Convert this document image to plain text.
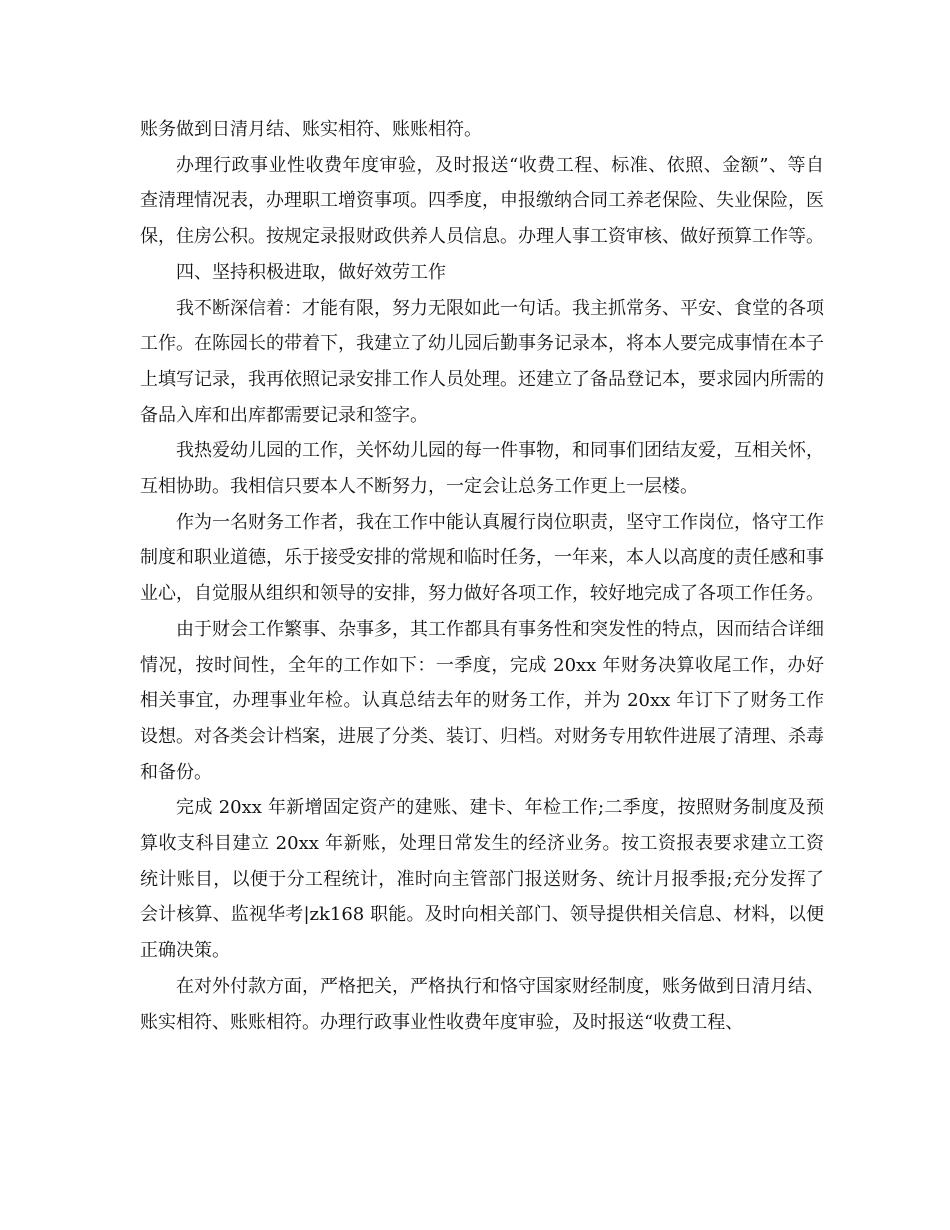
账务做到日清月结、账实相符、账账相符。

办理行政事业性收费年度审验，及时报送“收费工程、标准、依照、金额”、等自查清理情况表，办理职工增资事项。四季度，申报缴纳合同工养老保险、失业保险，医保，住房公积。按规定录报财政供养人员信息。办理人事工资审核、做好预算工作等。

四、坚持积极进取，做好效劳工作

我不断深信着：才能有限，努力无限如此一句话。我主抓常务、平安、食堂的各项工作。在陈园长的带着下，我建立了幼儿园后勤事务记录本，将本人要完成事情在本子上填写记录，我再依照记录安排工作人员处理。还建立了备品登记本，要求园内所需的备品入库和出库都需要记录和签字。

我热爱幼儿园的工作，关怀幼儿园的每一件事物，和同事们团结友爱，互相关怀，互相协助。我相信只要本人不断努力，一定会让总务工作更上一层楼。

作为一名财务工作者，我在工作中能认真履行岗位职责，坚守工作岗位，恪守工作制度和职业道德，乐于接受安排的常规和临时任务，一年来，本人以高度的责任感和事业心，自觉服从组织和领导的安排，努力做好各项工作，较好地完成了各项工作任务。

由于财会工作繁事、杂事多，其工作都具有事务性和突发性的特点，因而结合详细情况，按时间性，全年的工作如下：一季度，完成 20xx 年财务决算收尾工作，办好相关事宜，办理事业年检。认真总结去年的财务工作，并为 20xx 年订下了财务工作设想。对各类会计档案，进展了分类、装订、归档。对财务专用软件进展了清理、杀毒和备份。

完成 20xx 年新增固定资产的建账、建卡、年检工作;二季度，按照财务制度及预算收支科目建立 20xx 年新账，处理日常发生的经济业务。按工资报表要求建立工资统计账目，以便于分工程统计，准时向主管部门报送财务、统计月报季报;充分发挥了会计核算、监视华考|zk168 职能。及时向相关部门、领导提供相关信息、材料，以便正确决策。

在对外付款方面，严格把关，严格执行和恪守国家财经制度，账务做到日清月结、账实相符、账账相符。办理行政事业性收费年度审验，及时报送“收费工程、
